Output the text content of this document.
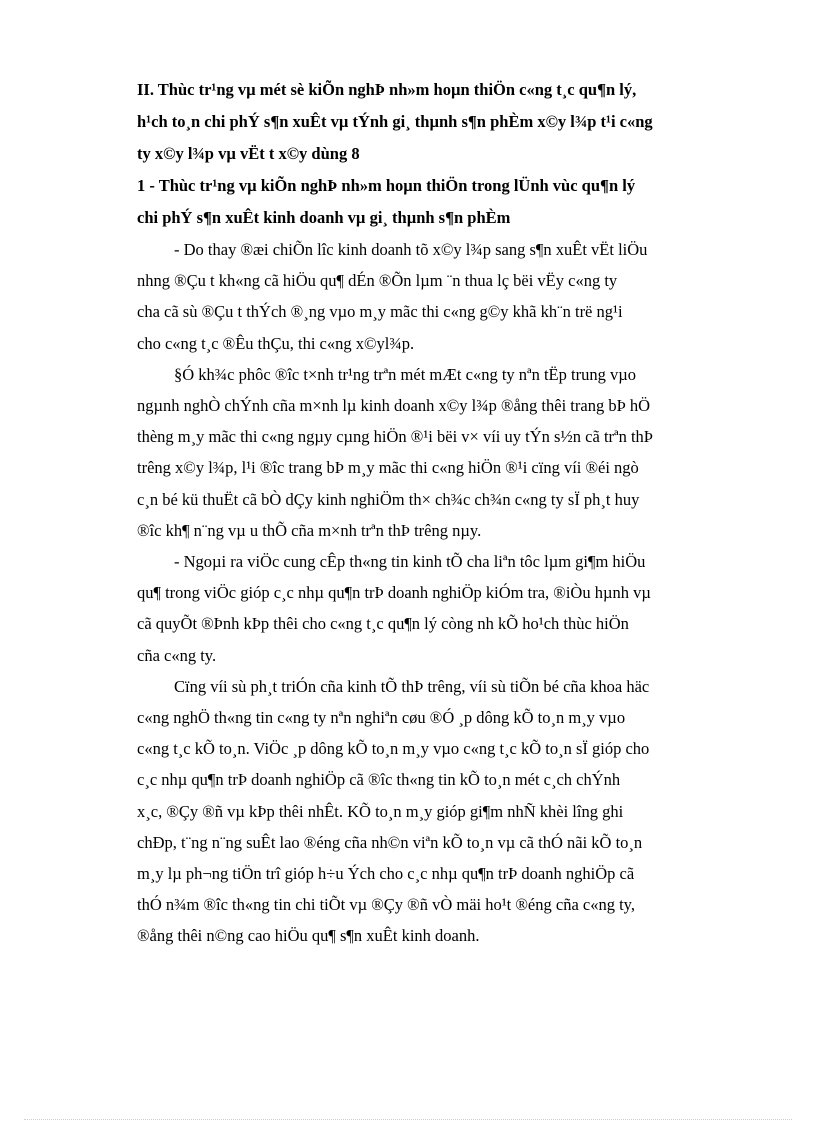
II. Thùc tr¹ng vµ mét sè kiÕn nghÞ nh»m hoµn thiÖn c«ng t¸c qu¶n lý,
h¹ch to¸n chi phÝ s¶n xuÊt vµ tÝnh gi¸ thµnh s¶n phÈm x©y l¾p t¹i c«ng
ty x©y l¾p vµ vËt t x©y dùng 8
1 - Thùc tr¹ng vµ kiÕn nghÞ nh»m hoµn thiÖn trong lÜnh vùc qu¶n lý
chi phÝ s¶n xuÊt kinh doanh vµ gi¸ thµnh s¶n phÈm
- Do thay ®æi chiÕn lîc kinh doanh tõ x©y l¾p sang s¶n xuÊt vËt liÖu
nhng ®Çu t kh«ng cã hiÖu qu¶ dÉn ®Õn lµm ¨n thua lç bëi vËy c«ng ty
cha cã sù ®Çu t thÝch ®¸ng vµo m¸y mãc thi c«ng g©y khã kh¨n trë ng¹i
cho c«ng t¸c ®Êu thÇu, thi c«ng x©yl¾p.
§Ó kh¾c phôc ®îc t×nh tr¹ng trªn mét mÆt c«ng ty nªn tËp trung vµo
ngµnh nghÒ chÝnh cña m×nh lµ kinh doanh x©y l¾p ®ång thêi trang bÞ hÖ
thèng m¸y mãc thi c«ng ngµy cµng hiÖn ®¹i bëi v× víi uy tÝn s½n cã trªn thÞ
trêng x©y l¾p, l¹i ®îc trang bÞ m¸y mãc thi c«ng hiÖn ®¹i cïng víi ®éi ngò
c¸n bé kü thuËt cã bÒ dÇy kinh nghiÖm th× ch¾c ch¾n c«ng ty sÏ ph¸t huy
®îc kh¶ n¨ng vµ u thÕ cña m×nh trªn thÞ trêng nµy.
- Ngoµi ra viÖc cung cÊp th«ng tin kinh tÕ cha liªn tôc lµm gi¶m hiÖu
qu¶ trong viÖc gióp c¸c nhµ qu¶n trÞ doanh nghiÖp kiÓm tra, ®iÒu hµnh vµ
cã quyÕt ®Þnh kÞp thêi cho c«ng t¸c qu¶n lý còng nh kÕ ho¹ch thùc hiÖn
cña c«ng ty.
Cïng víi sù ph¸t triÓn cña kinh tÕ thÞ trêng, víi sù tiÕn bé cña khoa häc
c«ng nghÖ th«ng tin c«ng ty nªn nghiªn cøu ®Ó ¸p dông kÕ to¸n m¸y vµo
c«ng t¸c kÕ to¸n. ViÖc ¸p dông kÕ to¸n m¸y vµo c«ng t¸c kÕ to¸n sÏ gióp cho
c¸c nhµ qu¶n trÞ doanh nghiÖp cã ®îc th«ng tin kÕ to¸n mét c¸ch chÝnh
x¸c, ®Çy ®ñ vµ kÞp thêi nhÊt. KÕ to¸n m¸y gióp gi¶m nhÑ khèi lîng ghi
chÐp, t¨ng n¨ng suÊt lao ®éng cña nh©n viªn kÕ to¸n vµ cã thÓ nãi kÕ to¸n
m¸y lµ ph¬ng tiÖn trî gióp h÷u Ých cho c¸c nhµ qu¶n trÞ doanh nghiÖp cã
thÓ n¾m ®îc th«ng tin chi tiÕt vµ ®Çy ®ñ vÒ mäi ho¹t ®éng cña c«ng ty,
®ång thêi n©ng cao hiÖu qu¶ s¶n xuÊt kinh doanh.
